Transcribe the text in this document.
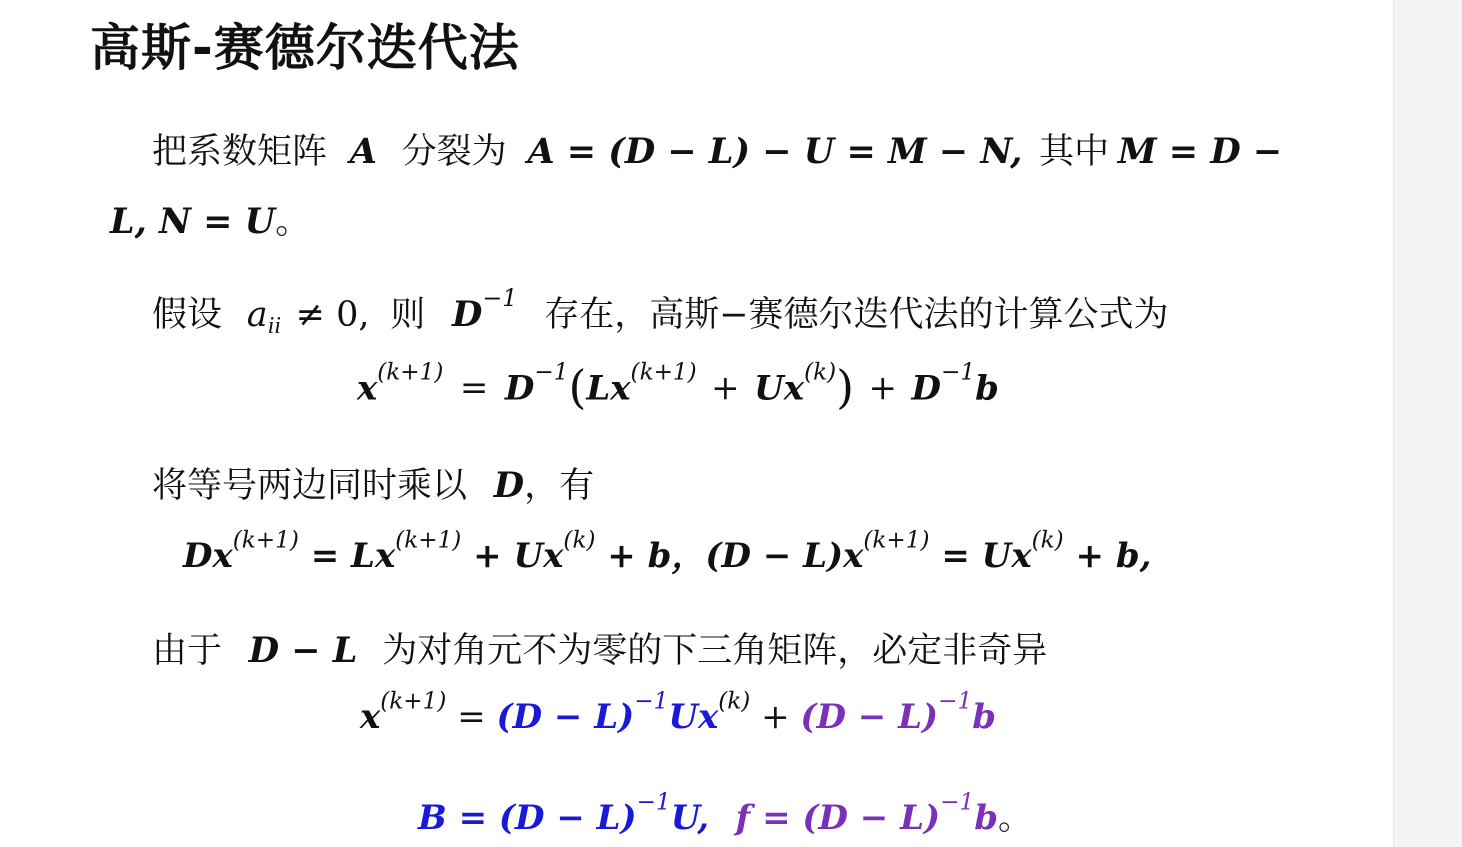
高斯-赛德尔迭代法
把系数矩阵 A 分裂为 A = (D − L) − U = M − N, 其中 M = D −
L, N = U。
假设 $a_{ii} \ne 0$, 则 $D^{-1}$ 存在，高斯−赛德尔迭代法的计算公式为
$x^{(k+1)} = D^{-1}(Lx^{(k+1)} + Ux^{(k)}) + D^{-1}b$
将等号两边同时乘以 D，有
$Dx^{(k+1)} = Lx^{(k+1)} + Ux^{(k)} + b$，$(D - L)x^{(k+1)} = Ux^{(k)} + b$,
由于 D − L 为对角元不为零的下三角矩阵，必定非奇异
$x^{(k+1)} = (D - L)^{-1}Ux^{(k)} + (D - L)^{-1}b$
$B = (D - L)^{-1}U$, $f = (D - L)^{-1}b$。
